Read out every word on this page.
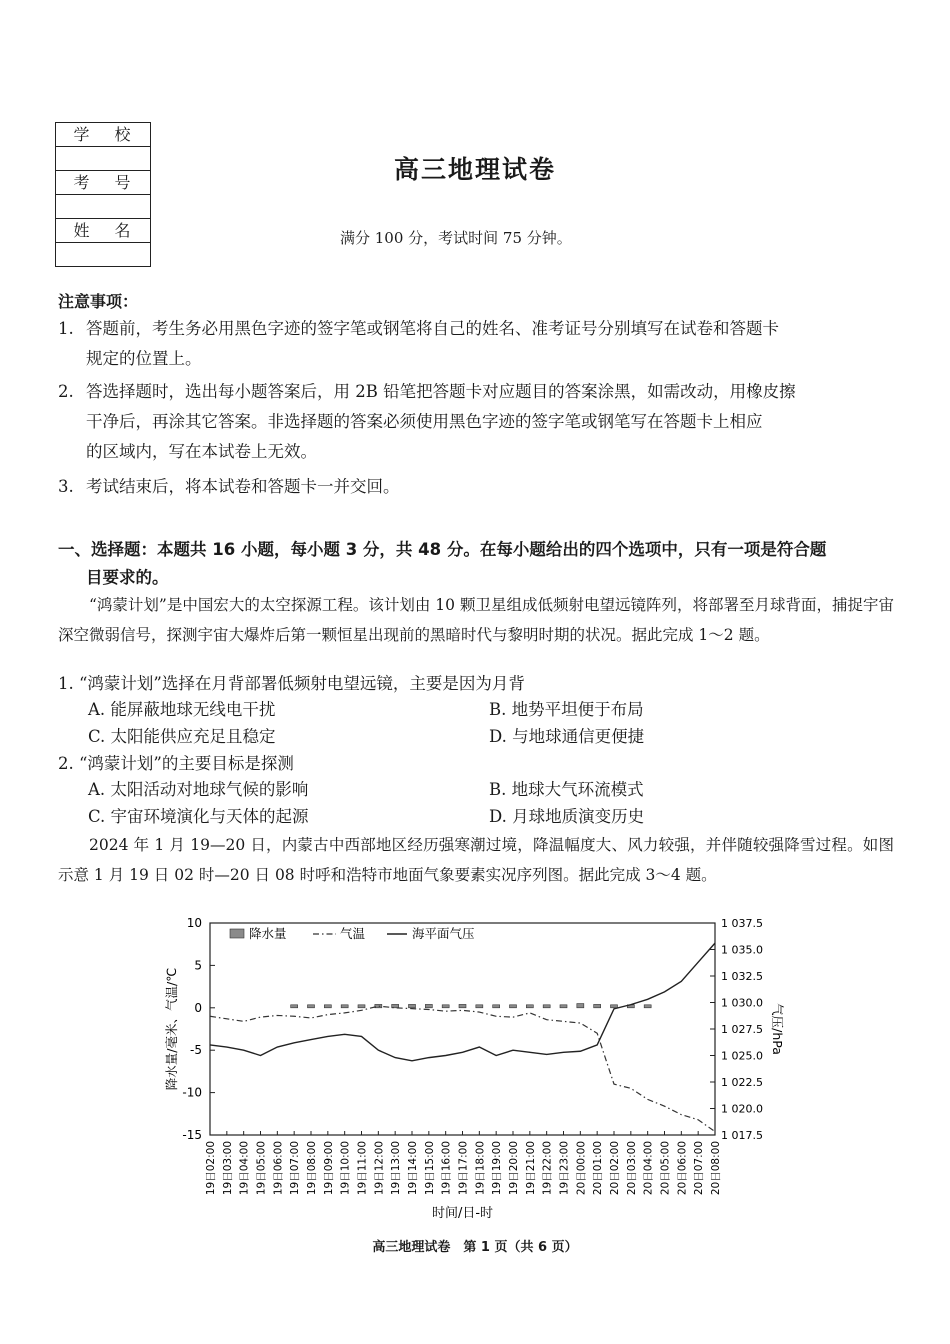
学 校
考 号
姓 名
高三地理试卷
满分 100 分，考试时间 75 分钟。
注意事项：
1. 答题前，考生务必用黑色字迹的签字笔或钢笔将自己的姓名、准考证号分别填写在试卷和答题卡
规定的位置上。
2. 答选择题时，选出每小题答案后，用 2B 铅笔把答题卡对应题目的答案涂黑，如需改动，用橡皮擦
干净后，再涂其它答案。非选择题的答案必须使用黑色字迹的签字笔或钢笔写在答题卡上相应
的区域内，写在本试卷上无效。
3. 考试结束后，将本试卷和答题卡一并交回。
一、选择题：本题共 16 小题，每小题 3 分，共 48 分。在每小题给出的四个选项中，只有一项是符合题
目要求的。
“鸿蒙计划”是中国宏大的太空探源工程。该计划由 10 颗卫星组成低频射电望远镜阵列，将部署至月球背面，捕捉宇宙深空微弱信号，探测宇宙大爆炸后第一颗恒星出现前的黑暗时代与黎明时期的状况。据此完成 1～2 题。
1. “鸿蒙计划”选择在月背部署低频射电望远镜，主要是因为月背
A. 能屏蔽地球无线电干扰	B. 地势平坦便于布局
C. 太阳能供应充足且稳定	D. 与地球通信更便捷
2. “鸿蒙计划”的主要目标是探测
A. 太阳活动对地球气候的影响	B. 地球大气环流模式
C. 宇宙环境演化与天体的起源	D. 月球地质演变历史
2024 年 1 月 19—20 日，内蒙古中西部地区经历强寒潮过境，降温幅度大、风力较强，并伴随较强降雪过程。如图示意 1 月 19 日 02 时—20 日 08 时呼和浩特市地面气象要素实况序列图。据此完成 3～4 题。
10
5
0
-5
-10
-15
1 037.5
1 035.0
1 032.5
1 030.0
1 027.5
1 025.0
1 022.5
1 020.0
1 017.5
19日02:00 19日03:00 19日04:00 19日05:00 19日06:00 19日07:00 19日08:00 19日09:00 19日10:00 19日11:00 19日12:00 19日13:00 19日14:00 19日15:00 19日16:00 19日17:00 19日18:00 19日19:00 19日20:00 19日21:00 19日22:00 19日23:00 20日00:00 20日01:00 20日02:00 20日03:00 20日04:00 20日05:00 20日06:00 20日07:00 20日08:00
降水量	气温	海平面气压
降水量/毫米、气温/℃	气压/hPa
时间/日-时
高三地理试卷　第 1 页（共 6 页）
